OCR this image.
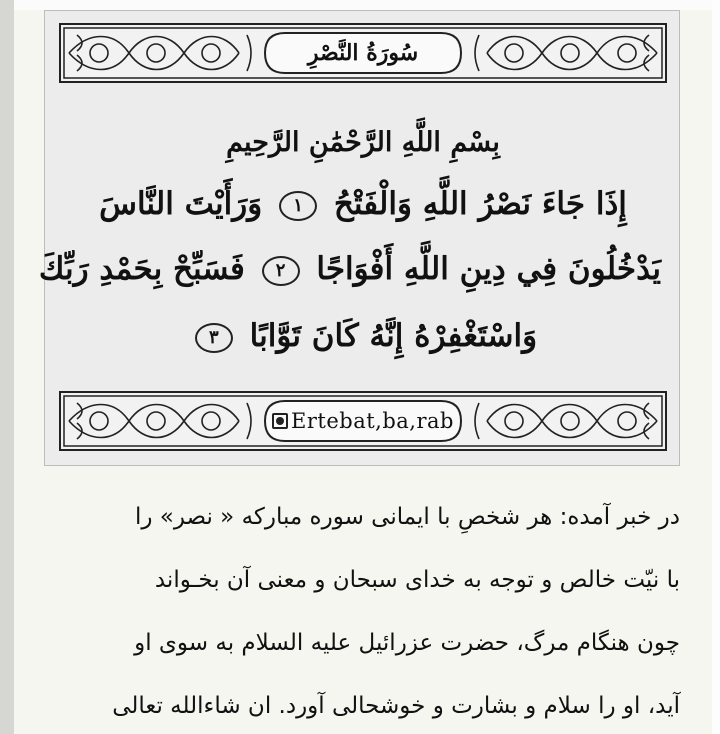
سُورَةُ النَّصْرِ
بِسْمِ اللَّهِ الرَّحْمَٰنِ الرَّحِيمِ
إِذَا جَاءَ نَصْرُ اللَّهِ وَالْفَتْحُ ١ وَرَأَيْتَ النَّاسَ
يَدْخُلُونَ فِي دِينِ اللَّهِ أَفْوَاجًا ٢ فَسَبِّحْ بِحَمْدِ رَبِّكَ
وَاسْتَغْفِرْهُ إِنَّهُ كَانَ تَوَّابًا ٣
Ertebat,ba,rab
در خبر آمده: هر شخصِ با ایمانی سوره مبارکه « نصر» را
با نیّت خالص و توجه به خدای سبحان و معنی آن بخـواند
چون هنگام مرگ، حضرت عزرائیل علیه السلام به سوی او
آید، او را سلام و بشارت و خوشحالی آورد. ان شاءالله تعالی
